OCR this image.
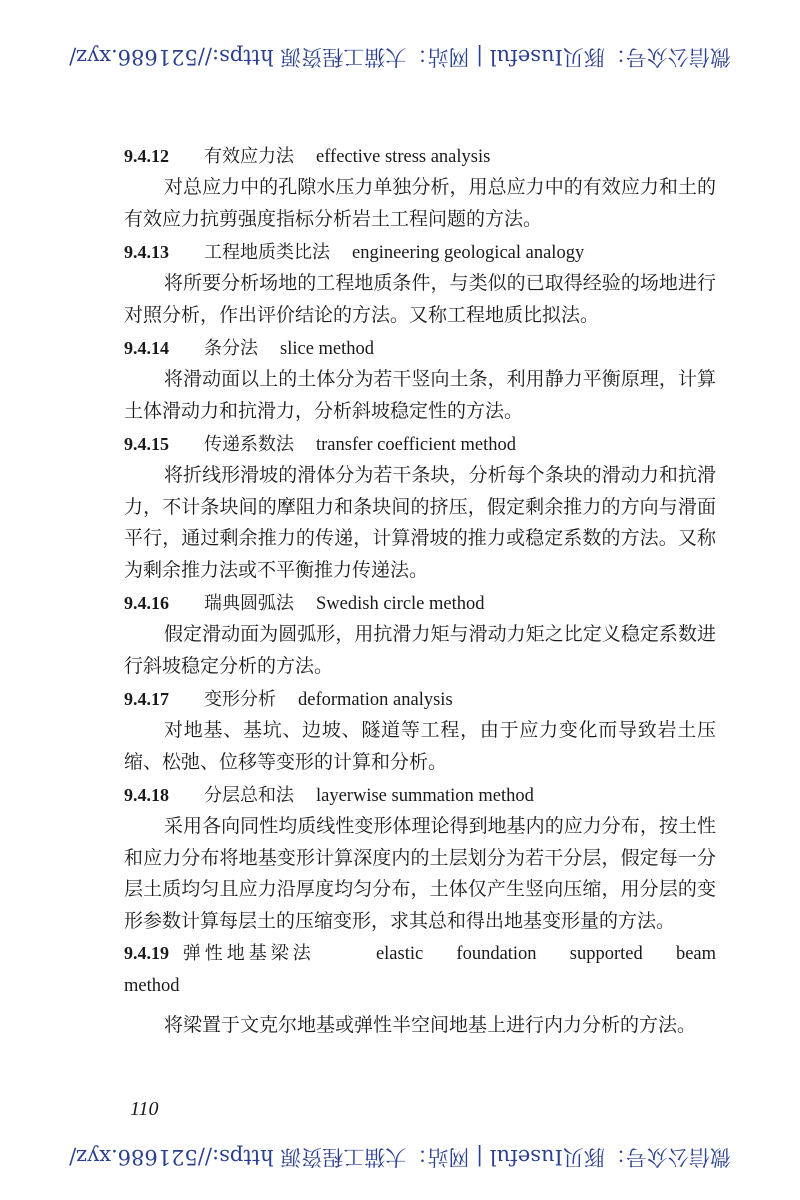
微信公众号：豚贝Iuseful | 网站：大猫工程资源 https://521686.xyz/
9.4.12 有效应力法 effective stress analysis

对总应力中的孔隙水压力单独分析，用总应力中的有效应力和土的有效应力抗剪强度指标分析岩土工程问题的方法。

9.4.13 工程地质类比法 engineering geological analogy

将所要分析场地的工程地质条件，与类似的已取得经验的场地进行对照分析，作出评价结论的方法。又称工程地质比拟法。

9.4.14 条分法 slice method

将滑动面以上的土体分为若干竖向土条，利用静力平衡原理，计算土体滑动力和抗滑力，分析斜坡稳定性的方法。

9.4.15 传递系数法 transfer coefficient method

将折线形滑坡的滑体分为若干条块，分析每个条块的滑动力和抗滑力，不计条块间的摩阻力和条块间的挤压，假定剩余推力的方向与滑面平行，通过剩余推力的传递，计算滑坡的推力或稳定系数的方法。又称为剩余推力法或不平衡推力传递法。

9.4.16 瑞典圆弧法 Swedish circle method

假定滑动面为圆弧形，用抗滑力矩与滑动力矩之比定义稳定系数进行斜坡稳定分析的方法。

9.4.17 变形分析 deformation analysis

对地基、基坑、边坡、隧道等工程，由于应力变化而导致岩土压缩、松弛、位移等变形的计算和分析。

9.4.18 分层总和法 layerwise summation method

采用各向同性均质线性变形体理论得到地基内的应力分布，按土性和应力分布将地基变形计算深度内的土层划分为若干分层，假定每一分层土质均匀且应力沿厚度均匀分布，土体仅产生竖向压缩，用分层的变形参数计算每层土的压缩变形，求其总和得出地基变形量的方法。

9.4.19 弹性地基梁法	elastic foundation supported beam
method

将梁置于文克尔地基或弹性半空间地基上进行内力分析的方法。

110
微信公众号：豚贝Iuseful | 网站：大猫工程资源 https://521686.xyz/
